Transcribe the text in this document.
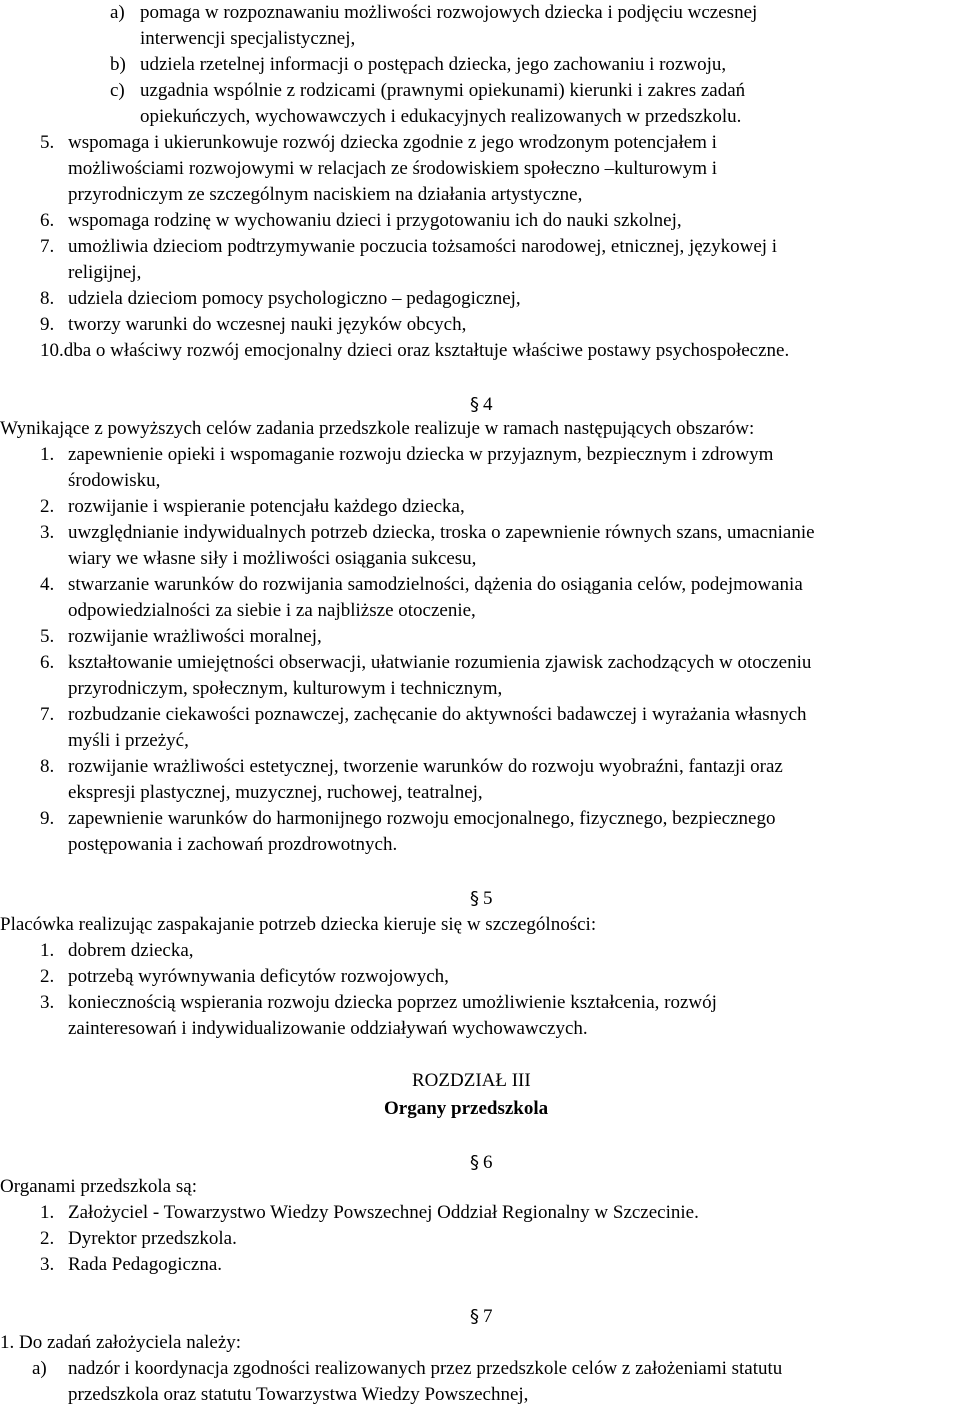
a) pomaga w rozpoznawaniu możliwości rozwojowych dziecka i podjęciu wczesnej
interwencji specjalistycznej,
b) udziela rzetelnej informacji o postępach dziecka, jego zachowaniu i rozwoju,
c) uzgadnia wspólnie z rodzicami (prawnymi opiekunami) kierunki i zakres zadań
opiekuńczych, wychowawczych i edukacyjnych realizowanych w przedszkolu.
5. wspomaga i ukierunkowuje rozwój dziecka zgodnie z jego wrodzonym potencjałem i
możliwościami rozwojowymi w relacjach ze środowiskiem społeczno –kulturowym i
przyrodniczym ze szczególnym naciskiem na działania artystyczne,
6. wspomaga rodzinę w wychowaniu dzieci i przygotowaniu ich do nauki szkolnej,
7. umożliwia dzieciom podtrzymywanie poczucia tożsamości narodowej, etnicznej, językowej i
religijnej,
8. udziela dzieciom pomocy psychologiczno – pedagogicznej,
9. tworzy warunki do wczesnej nauki języków obcych,
10.dba o właściwy rozwój emocjonalny dzieci oraz kształtuje właściwe postawy psychospołeczne.
§ 4
Wynikające z powyższych celów zadania przedszkole realizuje w ramach następujących obszarów:
1. zapewnienie opieki i wspomaganie rozwoju dziecka w przyjaznym, bezpiecznym i zdrowym
środowisku,
2. rozwijanie i wspieranie potencjału każdego dziecka,
3. uwzględnianie indywidualnych potrzeb dziecka, troska o zapewnienie równych szans, umacnianie
wiary we własne siły i możliwości osiągania sukcesu,
4. stwarzanie warunków do rozwijania samodzielności, dążenia do osiągania celów, podejmowania
odpowiedzialności za siebie i za najbliższe otoczenie,
5. rozwijanie wrażliwości moralnej,
6. kształtowanie umiejętności obserwacji, ułatwianie rozumienia zjawisk zachodzących w otoczeniu
przyrodniczym, społecznym, kulturowym i technicznym,
7. rozbudzanie ciekawości poznawczej, zachęcanie do aktywności badawczej i wyrażania własnych
myśli i przeżyć,
8. rozwijanie wrażliwości estetycznej, tworzenie warunków do rozwoju wyobraźni, fantazji oraz
ekspresji plastycznej, muzycznej, ruchowej, teatralnej,
9. zapewnienie warunków do harmonijnego rozwoju emocjonalnego, fizycznego, bezpiecznego
postępowania i zachowań prozdrowotnych.
§ 5
Placówka realizując zaspakajanie potrzeb dziecka kieruje się w szczególności:
1. dobrem dziecka,
2. potrzebą wyrównywania deficytów rozwojowych,
3. koniecznością wspierania rozwoju dziecka poprzez umożliwienie kształcenia, rozwój
zainteresowań i indywidualizowanie oddziaływań wychowawczych.
ROZDZIAŁ III
Organy przedszkola
§ 6
Organami przedszkola są:
1. Założyciel - Towarzystwo Wiedzy Powszechnej Oddział Regionalny w Szczecinie.
2. Dyrektor przedszkola.
3. Rada Pedagogiczna.
§ 7
1. Do zadań założyciela należy:
a)	nadzór i koordynacja zgodności realizowanych przez przedszkole celów z założeniami statutu
przedszkola oraz statutu Towarzystwa Wiedzy Powszechnej,
